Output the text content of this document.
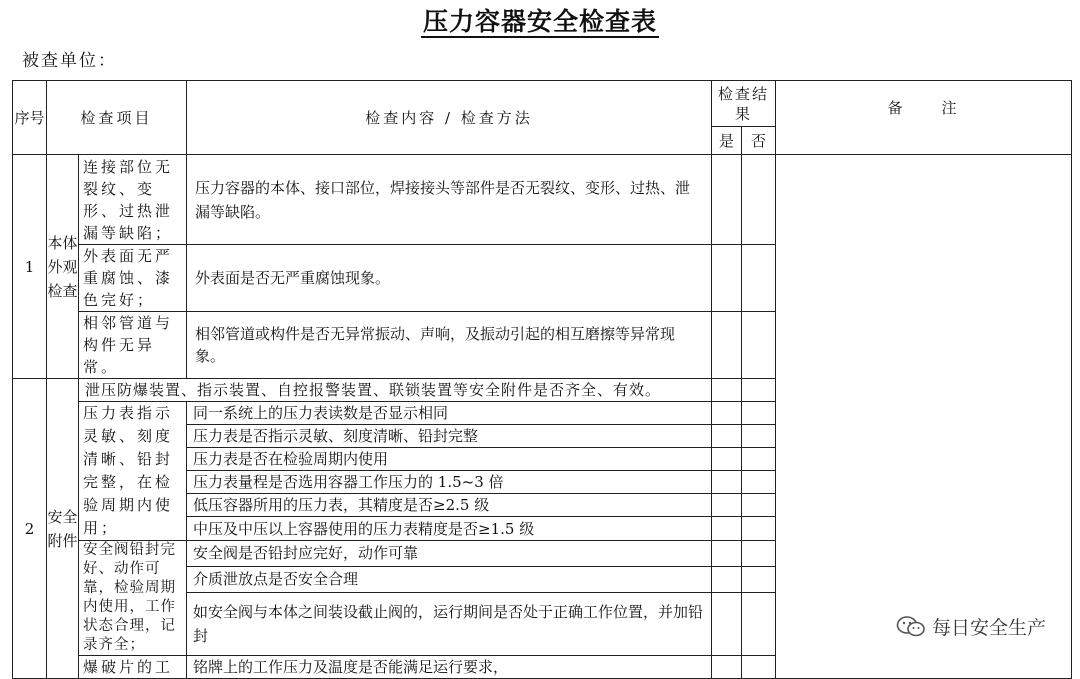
压力容器安全检查表
被查单位：
序号	检查项目		检查内容 / 检查方法	检查结果		备　　注
				是	否	
1	本体外观检查	连接部位无裂纹、变形、过热泄漏等缺陷；	压力容器的本体、接口部位，焊接接头等部件是否无裂纹、变形、过热、泄漏等缺陷。			
		外表面无严重腐蚀、漆色完好；	外表面是否无严重腐蚀现象。			
		相邻管道与构件无异常。	相邻管道或构件是否无异常振动、声响，及振动引起的相互磨擦等异常现象。			
2	安全附件	泄压防爆装置、指示装置、自控报警装置、联锁装置等安全附件是否齐全、有效。				
		压力表指示灵敏、刻度清晰、铅封完整，在检验周期内使用；	同一系统上的压力表读数是否显示相同			
			压力表是否指示灵敏、刻度清晰、铅封完整			
			压力表是否在检验周期内使用			
			压力表量程是否选用容器工作压力的 1.5~3 倍			
			低压容器所用的压力表，其精度是否≥2.5 级			
			中压及中压以上容器使用的压力表精度是否≥1.5 级			
		安全阀铅封完好、动作可靠，检验周期内使用，工作状态合理，记录齐全；	安全阀是否铅封应完好，动作可靠			
			介质泄放点是否安全合理			
			如安全阀与本体之间装设截止阀的，运行期间是否处于正确工作位置，并加铅封			
		爆破片的工	铭牌上的工作压力及温度是否能满足运行要求，			
每日安全生产
